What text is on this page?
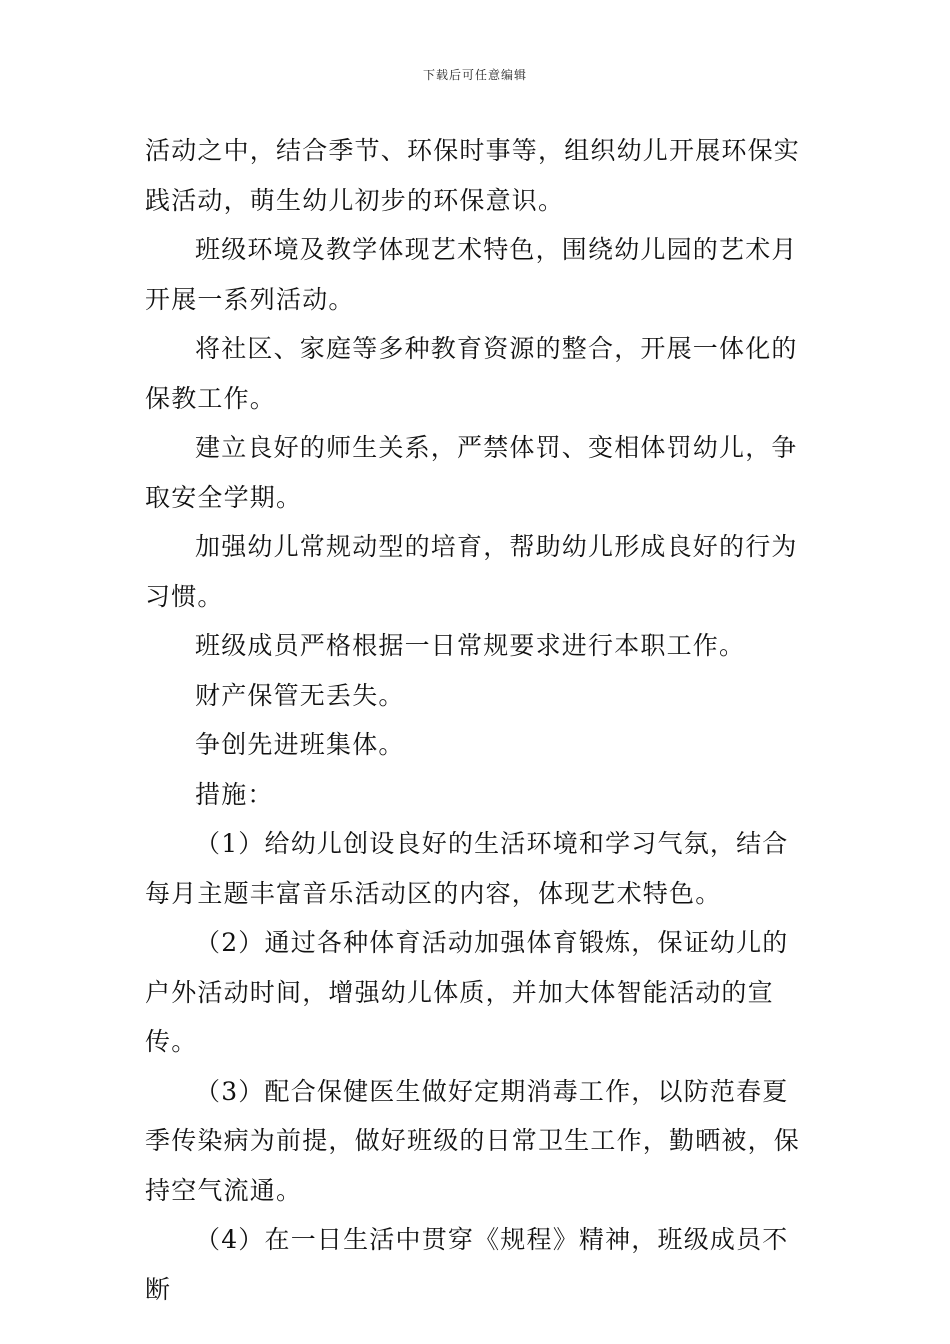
下载后可任意编辑

活动之中，结合季节、环保时事等，组织幼儿开展环保实践活动，萌生幼儿初步的环保意识。

班级环境及教学体现艺术特色，围绕幼儿园的艺术月开展一系列活动。

将社区、家庭等多种教育资源的整合，开展一体化的保教工作。

建立良好的师生关系，严禁体罚、变相体罚幼儿，争取安全学期。

加强幼儿常规动型的培育，帮助幼儿形成良好的行为习惯。

班级成员严格根据一日常规要求进行本职工作。

财产保管无丢失。

争创先进班集体。

措施：

（1）给幼儿创设良好的生活环境和学习气氛，结合每月主题丰富音乐活动区的内容，体现艺术特色。

（2）通过各种体育活动加强体育锻炼，保证幼儿的户外活动时间，增强幼儿体质，并加大体智能活动的宣传。

（3）配合保健医生做好定期消毒工作，以防范春夏季传染病为前提，做好班级的日常卫生工作，勤晒被，保持空气流通。

（4）在一日生活中贯穿《规程》精神，班级成员不断
